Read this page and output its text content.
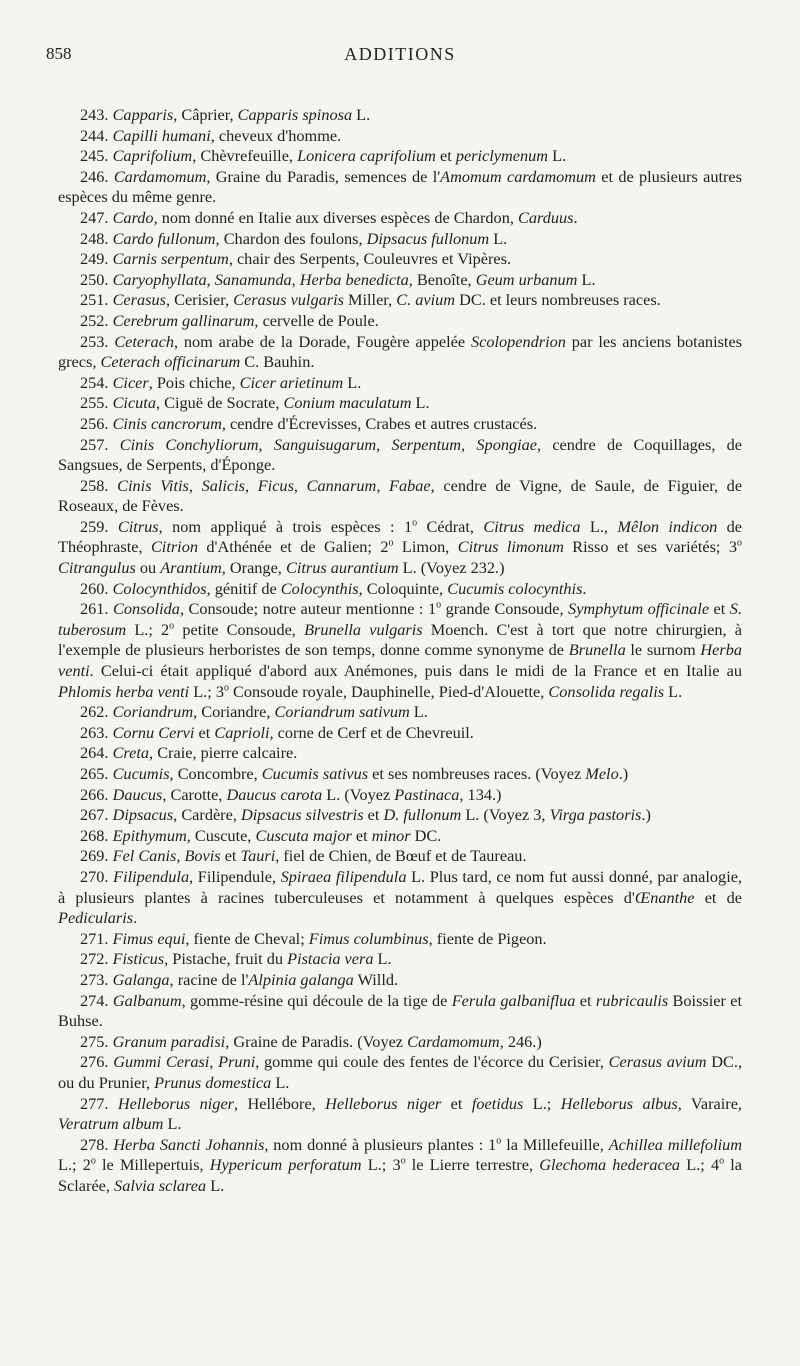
858	ADDITIONS

243. Capparis, Câprier, Capparis spinosa L.

244. Capilli humani, cheveux d'homme.

245. Caprifolium, Chèvrefeuille, Lonicera caprifolium et periclymenum L.

246. Cardamomum, Graine du Paradis, semences de l'Amomum cardamomum et de plusieurs autres espèces du même genre.

247. Cardo, nom donné en Italie aux diverses espèces de Chardon, Carduus.

248. Cardo fullonum, Chardon des foulons, Dipsacus fullonum L.

249. Carnis serpentum, chair des Serpents, Couleuvres et Vipères.

250. Caryophyllata, Sanamunda, Herba benedicta, Benoîte, Geum urbanum L.

251. Cerasus, Cerisier, Cerasus vulgaris Miller, C. avium DC. et leurs nombreuses races.

252. Cerebrum gallinarum, cervelle de Poule.

253. Ceterach, nom arabe de la Dorade, Fougère appelée Scolopendrion par les anciens botanistes grecs, Ceterach officinarum C. Bauhin.

254. Cicer, Pois chiche, Cicer arietinum L.

255. Cicuta, Ciguë de Socrate, Conium maculatum L.

256. Cinis cancrorum, cendre d'Écrevisses, Crabes et autres crustacés.

257. Cinis Conchyliorum, Sanguisugarum, Serpentum, Spongiae, cendre de Coquillages, de Sangsues, de Serpents, d'Éponge.

258. Cinis Vitis, Salicis, Ficus, Cannarum, Fabae, cendre de Vigne, de Saule, de Figuier, de Roseaux, de Fèves.

259. Citrus, nom appliqué à trois espèces : 1$^o$ Cédrat, Citrus medica L., Mêlon indicon de Théophraste, Citrion d'Athénée et de Galien; 2$^o$ Limon, Citrus limonum Risso et ses variétés; 3$^o$ Citrangulus ou Arantium, Orange, Citrus aurantium L. (Voyez 232.)

260. Colocynthidos, génitif de Colocynthis, Coloquinte, Cucumis colocynthis.

261. Consolida, Consoude; notre auteur mentionne : 1$^o$ grande Consoude, Symphytum officinale et S. tuberosum L.; 2$^o$ petite Consoude, Brunella vulgaris Moench. C'est à tort que notre chirurgien, à l'exemple de plusieurs herboristes de son temps, donne comme synonyme de Brunella le surnom Herba venti. Celui-ci était appliqué d'abord aux Anémones, puis dans le midi de la France et en Italie au Phlomis herba venti L.; 3$^o$ Consoude royale, Dauphinelle, Pied-d'Alouette, Consolida regalis L.

262. Coriandrum, Coriandre, Coriandrum sativum L.

263. Cornu Cervi et Caprioli, corne de Cerf et de Chevreuil.

264. Creta, Craie, pierre calcaire.

265. Cucumis, Concombre, Cucumis sativus et ses nombreuses races. (Voyez Melo.)

266. Daucus, Carotte, Daucus carota L. (Voyez Pastinaca, 134.)

267. Dipsacus, Cardère, Dipsacus silvestris et D. fullonum L. (Voyez 3, Virga pastoris.)

268. Epithymum, Cuscute, Cuscuta major et minor DC.

269. Fel Canis, Bovis et Tauri, fiel de Chien, de Bœuf et de Taureau.

270. Filipendula, Filipendule, Spiraea filipendula L. Plus tard, ce nom fut aussi donné, par analogie, à plusieurs plantes à racines tuberculeuses et notamment à quelques espèces d'Œnanthe et de Pedicularis.

271. Fimus equi, fiente de Cheval; Fimus columbinus, fiente de Pigeon.

272. Fisticus, Pistache, fruit du Pistacia vera L.

273. Galanga, racine de l'Alpinia galanga Willd.

274. Galbanum, gomme-résine qui découle de la tige de Ferula galbaniflua et rubricaulis Boissier et Buhse.

275. Granum paradisi, Graine de Paradis. (Voyez Cardamomum, 246.)

276. Gummi Cerasi, Pruni, gomme qui coule des fentes de l'écorce du Cerisier, Cerasus avium DC., ou du Prunier, Prunus domestica L.

277. Helleborus niger, Hellébore, Helleborus niger et foetidus L.; Helleborus albus, Varaire, Veratrum album L.

278. Herba Sancti Johannis, nom donné à plusieurs plantes : 1$^o$ la Millefeuille, Achillea millefolium L.; 2$^o$ le Millepertuis, Hypericum perforatum L.; 3$^o$ le Lierre terrestre, Glechoma hederacea L.; 4$^o$ la Sclarée, Salvia sclarea L.
